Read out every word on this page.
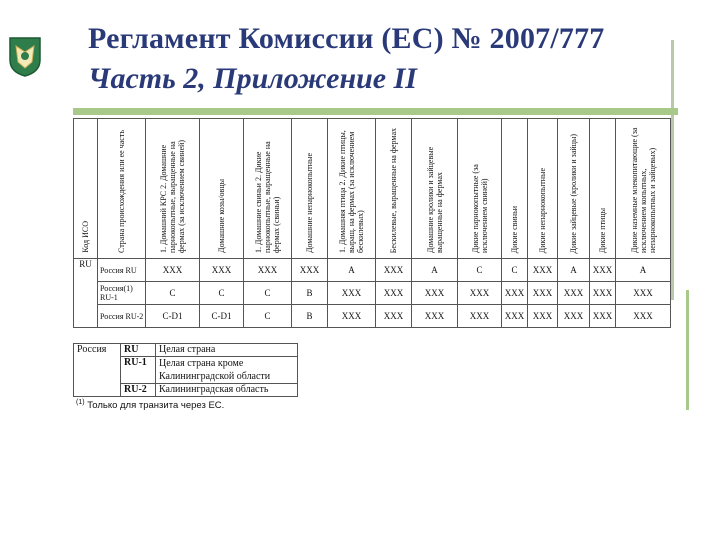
Регламент Комиссии (ЕС) № 2007/777
Часть 2, Приложение II
Код ИСО	Страна происхождения или ее часть	1. Домашний КРС 2. Домашние парнокопытные, выращенные на фермах (за исключением свиней)	Домашние козы/овцы	1. Домашние свиньи 2. Дикие парнокопытные, выращенные на фермах (свиньи)	Домашние непарнокопытные	1. Домашняя птица 2. Дикие птицы, выращ. на фермах (за исключением бескилевых)	Бескилевые, выращенные на фермах	Домашние кролики и зайцевые выращенные на фермах	Дикие парнокопытные (за исключением свиней)	Дикие свиньи	Дикие непарнокопытные	Дикие зайцевые (кролики и зайцы)	Дикие птицы	Дикие наземные млекопитающие (за исключением копытных, непарнокопытных и зайцевых)
RU	Россия RU	XXX	XXX	XXX	XXX	A	XXX	A	C	C	XXX	A	XXX	A
	Россия(1) RU-1	C	C	C	B	XXX	XXX	XXX	XXX	XXX	XXX	XXX	XXX	XXX
	Россия RU-2	C-D1	C-D1	C	B	XXX	XXX	XXX	XXX	XXX	XXX	XXX	XXX	XXX
Россия	RU	Целая страна
	RU-1	Целая страна кроме Калининградской области
	RU-2	Калининградская область
$^{(1)}$ Только для транзита через ЕС.
